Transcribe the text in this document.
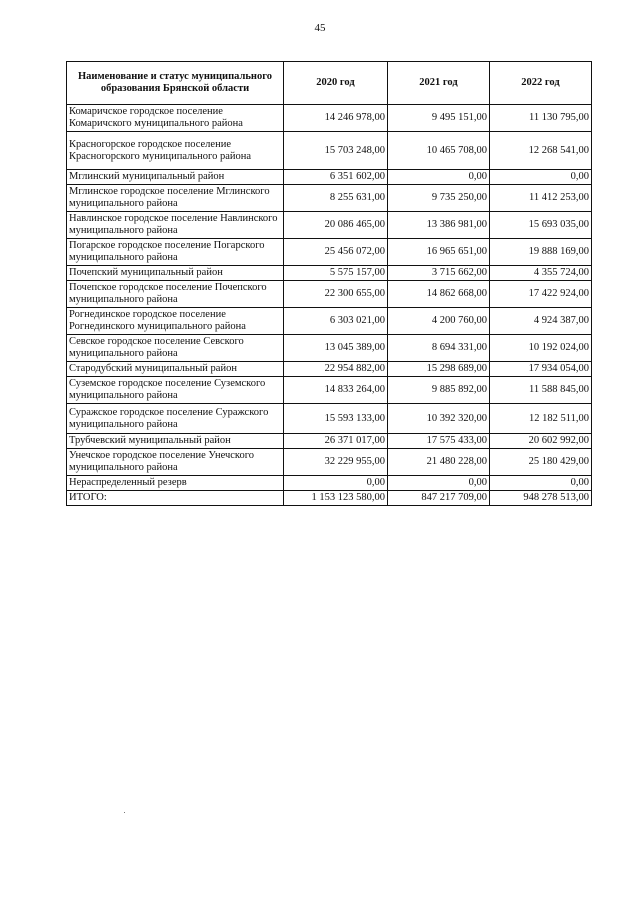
45
Наименование и статус муниципального образования Брянской области	2020 год	2021 год	2022 год
Комаричское городское поселение Комаричского муниципального района	14 246 978,00	9 495 151,00	11 130 795,00
Красногорское городское поселение Красногорского муниципального района	15 703 248,00	10 465 708,00	12 268 541,00
Мглинский муниципальный район	6 351 602,00	0,00	0,00
Мглинское городское поселение Мглинского муниципального района	8 255 631,00	9 735 250,00	11 412 253,00
Навлинское городское поселение Навлинского муниципального района	20 086 465,00	13 386 981,00	15 693 035,00
Погарское городское поселение Погарского муниципального района	25 456 072,00	16 965 651,00	19 888 169,00
Почепский муниципальный район	5 575 157,00	3 715 662,00	4 355 724,00
Почепское городское поселение Почепского муниципального района	22 300 655,00	14 862 668,00	17 422 924,00
Рогнединское городское поселение Рогнединского муниципального района	6 303 021,00	4 200 760,00	4 924 387,00
Севское городское поселение Севского муниципального района	13 045 389,00	8 694 331,00	10 192 024,00
Стародубский муниципальный район	22 954 882,00	15 298 689,00	17 934 054,00
Суземское городское поселение Суземского муниципального района	14 833 264,00	9 885 892,00	11 588 845,00
Суражское городское поселение Суражского муниципального района	15 593 133,00	10 392 320,00	12 182 511,00
Трубчевский муниципальный район	26 371 017,00	17 575 433,00	20 602 992,00
Унечское городское поселение Унечского муниципального района	32 229 955,00	21 480 228,00	25 180 429,00
Нераспределенный резерв	0,00	0,00	0,00
ИТОГО:	1 153 123 580,00	847 217 709,00	948 278 513,00
